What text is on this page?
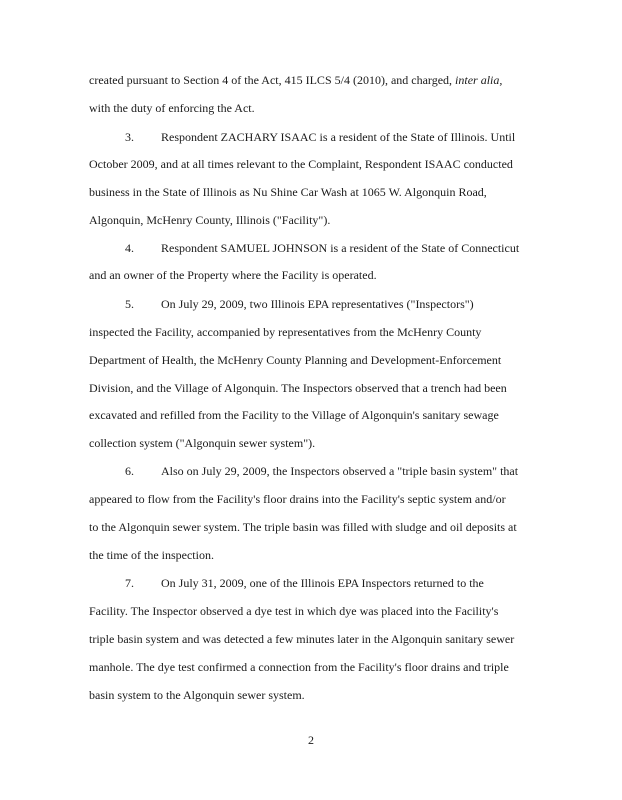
created pursuant to Section 4 of the Act, 415 ILCS 5/4 (2010), and charged, inter alia,
with the duty of enforcing the Act.
3. Respondent ZACHARY ISAAC is a resident of the State of Illinois. Until
October 2009, and at all times relevant to the Complaint, Respondent ISAAC conducted
business in the State of Illinois as Nu Shine Car Wash at 1065 W. Algonquin Road,
Algonquin, McHenry County, Illinois ("Facility").
4. Respondent SAMUEL JOHNSON is a resident of the State of Connecticut
and an owner of the Property where the Facility is operated.
5. On July 29, 2009, two Illinois EPA representatives ("Inspectors")
inspected the Facility, accompanied by representatives from the McHenry County
Department of Health, the McHenry County Planning and Development-Enforcement
Division, and the Village of Algonquin. The Inspectors observed that a trench had been
excavated and refilled from the Facility to the Village of Algonquin's sanitary sewage
collection system ("Algonquin sewer system").
6. Also on July 29, 2009, the Inspectors observed a "triple basin system" that
appeared to flow from the Facility's floor drains into the Facility's septic system and/or
to the Algonquin sewer system. The triple basin was filled with sludge and oil deposits at
the time of the inspection.
7. On July 31, 2009, one of the Illinois EPA Inspectors returned to the
Facility. The Inspector observed a dye test in which dye was placed into the Facility's
triple basin system and was detected a few minutes later in the Algonquin sanitary sewer
manhole. The dye test confirmed a connection from the Facility's floor drains and triple
basin system to the Algonquin sewer system.
2
